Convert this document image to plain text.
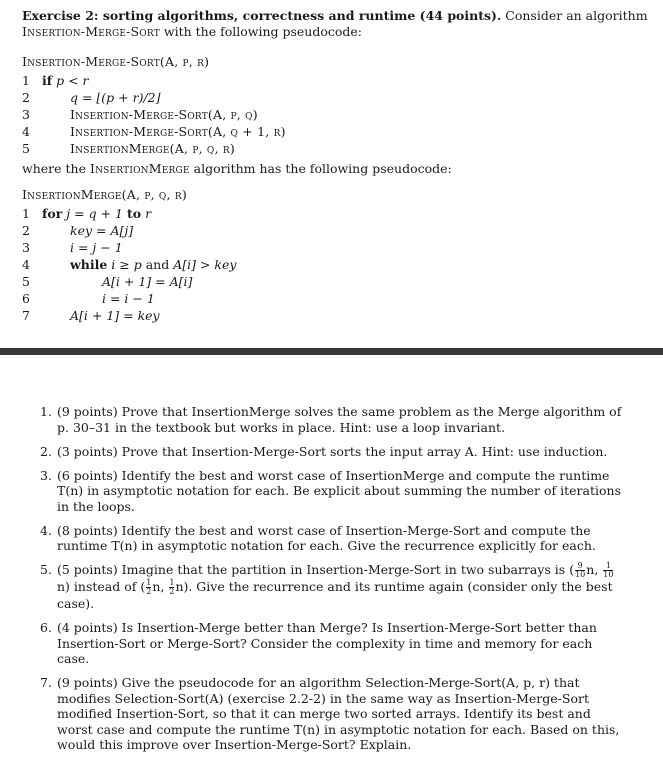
Exercise 2: sorting algorithms, correctness and runtime (44 points). Consider an algorithm
Insertion-Merge-Sort with the following pseudocode:
Insertion-Merge-Sort(A, p, r)
1 if p < r
2	q = ⌊(p + r)/2⌋
3	Insertion-Merge-Sort(A, p, q)
4	Insertion-Merge-Sort(A, q + 1, r)
5	InsertionMerge(A, p, q, r)
where the InsertionMerge algorithm has the following pseudocode:
InsertionMerge(A, p, q, r)
1 for j = q + 1 to r
2	key = A[j]
3	i = j − 1
4	while i ≥ p and A[i] > key
5	A[i + 1] = A[i]
6	i = i − 1
7	A[i + 1] = key
1. (9 points) Prove that InsertionMerge solves the same problem as the Merge algorithm of p. 30–31 in the textbook but works in place. Hint: use a loop invariant.
2. (3 points) Prove that Insertion-Merge-Sort sorts the input array A. Hint: use induction.
3. (6 points) Identify the best and worst case of InsertionMerge and compute the runtime T(n) in asymptotic notation for each. Be explicit about summing the number of iterations in the loops.
4. (8 points) Identify the best and worst case of Insertion-Merge-Sort and compute the runtime T(n) in asymptotic notation for each. Give the recurrence explicitly for each.
5. (5 points) Imagine that the partition in Insertion-Merge-Sort in two subarrays is ( $\frac{9}{10} n$, $\frac{1}{10}$
n) instead of ( $\frac{1}{2} n$, $\frac{1}{2} n$). Give the recurrence and its runtime again (consider only the best case).
6. (4 points) Is Insertion-Merge better than Merge? Is Insertion-Merge-Sort better than Insertion-Sort or Merge-Sort? Consider the complexity in time and memory for each case.
7. (9 points) Give the pseudocode for an algorithm Selection-Merge-Sort(A, p, r) that modifies Selection-Sort(A) (exercise 2.2-2) in the same way as Insertion-Merge-Sort modified Insertion-Sort, so that it can merge two sorted arrays. Identify its best and worst case and compute the runtime T(n) in asymptotic notation for each. Based on this, would this improve over Insertion-Merge-Sort? Explain.
